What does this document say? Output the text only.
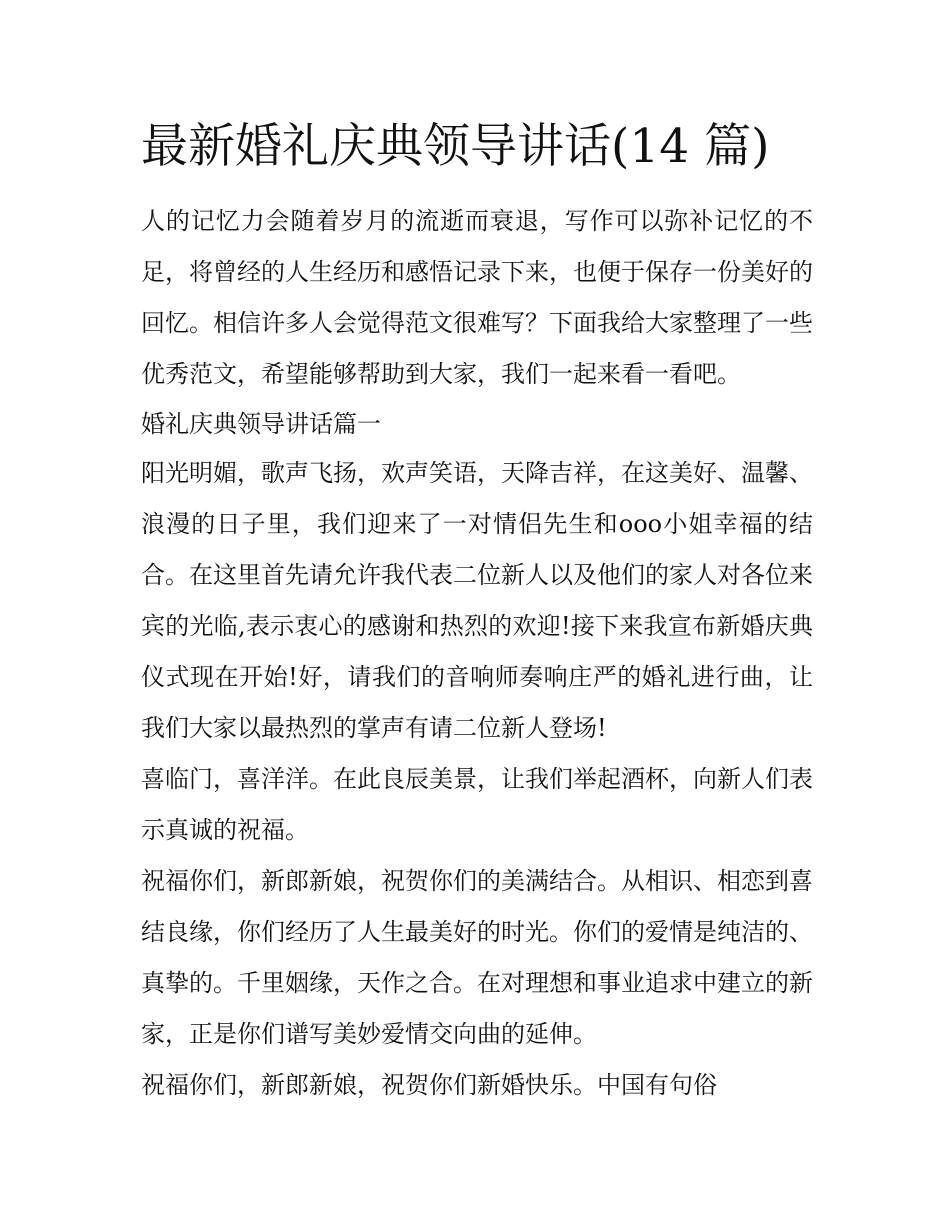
最新婚礼庆典领导讲话(14 篇)

人的记忆力会随着岁月的流逝而衰退，写作可以弥补记忆的不足，将曾经的人生经历和感悟记录下来，也便于保存一份美好的回忆。相信许多人会觉得范文很难写？下面我给大家整理了一些优秀范文，希望能够帮助到大家，我们一起来看一看吧。

婚礼庆典领导讲话篇一

阳光明媚，歌声飞扬，欢声笑语，天降吉祥，在这美好、温馨、浪漫的日子里，我们迎来了一对情侣先生和ooo小姐幸福的结合。在这里首先请允许我代表二位新人以及他们的家人对各位来宾的光临,表示衷心的感谢和热烈的欢迎!接下来我宣布新婚庆典仪式现在开始!好，请我们的音响师奏响庄严的婚礼进行曲，让我们大家以最热烈的掌声有请二位新人登场!

喜临门，喜洋洋。在此良辰美景，让我们举起酒杯，向新人们表示真诚的祝福。

祝福你们，新郎新娘，祝贺你们的美满结合。从相识、相恋到喜结良缘，你们经历了人生最美好的时光。你们的爱情是纯洁的、真挚的。千里姻缘，天作之合。在对理想和事业追求中建立的新家，正是你们谱写美妙爱情交向曲的延伸。

祝福你们，新郎新娘，祝贺你们新婚快乐。中国有句俗
